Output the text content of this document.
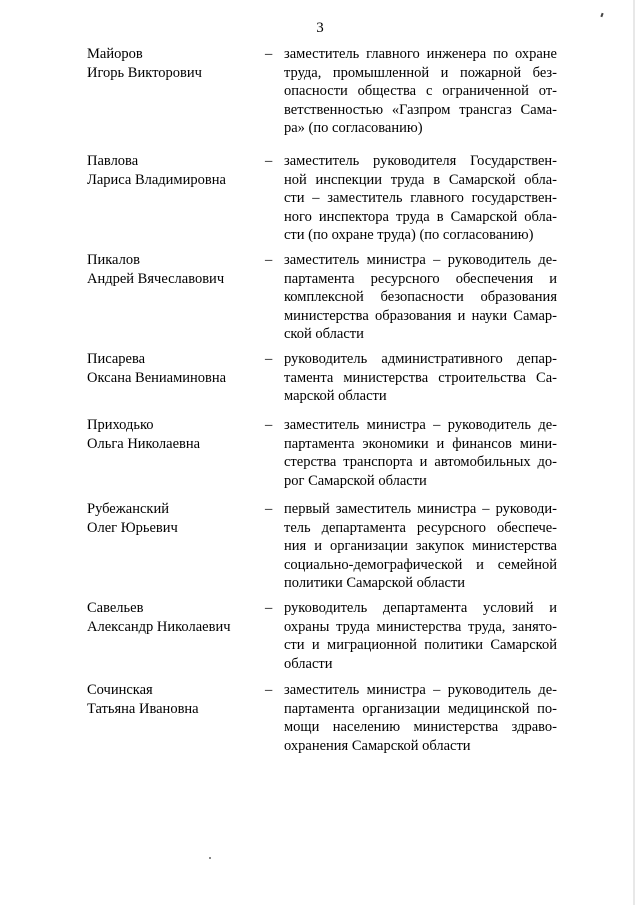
3
Майоров
Игорь Викторович
– заместитель главного инженера по охране
труда, промышленной и пожарной без-
опасности общества с ограниченной от-
ветственностью «Газпром трансгаз Сама-
ра» (по согласованию)
Павлова
Лариса Владимировна
– заместитель руководителя Государствен-
ной инспекции труда в Самарской обла-
сти – заместитель главного государствен-
ного инспектора труда в Самарской обла-
сти (по охране труда) (по согласованию)
Пикалов
Андрей Вячеславович
– заместитель министра – руководитель де-
партамента ресурсного обеспечения и
комплексной безопасности образования
министерства образования и науки Самар-
ской области
Писарева
Оксана Вениаминовна
– руководитель административного депар-
тамента министерства строительства Са-
марской области
Приходько
Ольга Николаевна
– заместитель министра – руководитель де-
партамента экономики и финансов мини-
стерства транспорта и автомобильных до-
рог Самарской области
Рубежанский
Олег Юрьевич
– первый заместитель министра – руководи-
тель департамента ресурсного обеспече-
ния и организации закупок министерства
социально-демографической и семейной
политики Самарской области
Савельев
Александр Николаевич
– руководитель департамента условий и
охраны труда министерства труда, занято-
сти и миграционной политики Самарской
области
Сочинская
Татьяна Ивановна
– заместитель министра – руководитель де-
партамента организации медицинской по-
мощи населению министерства здраво-
охранения Самарской области
